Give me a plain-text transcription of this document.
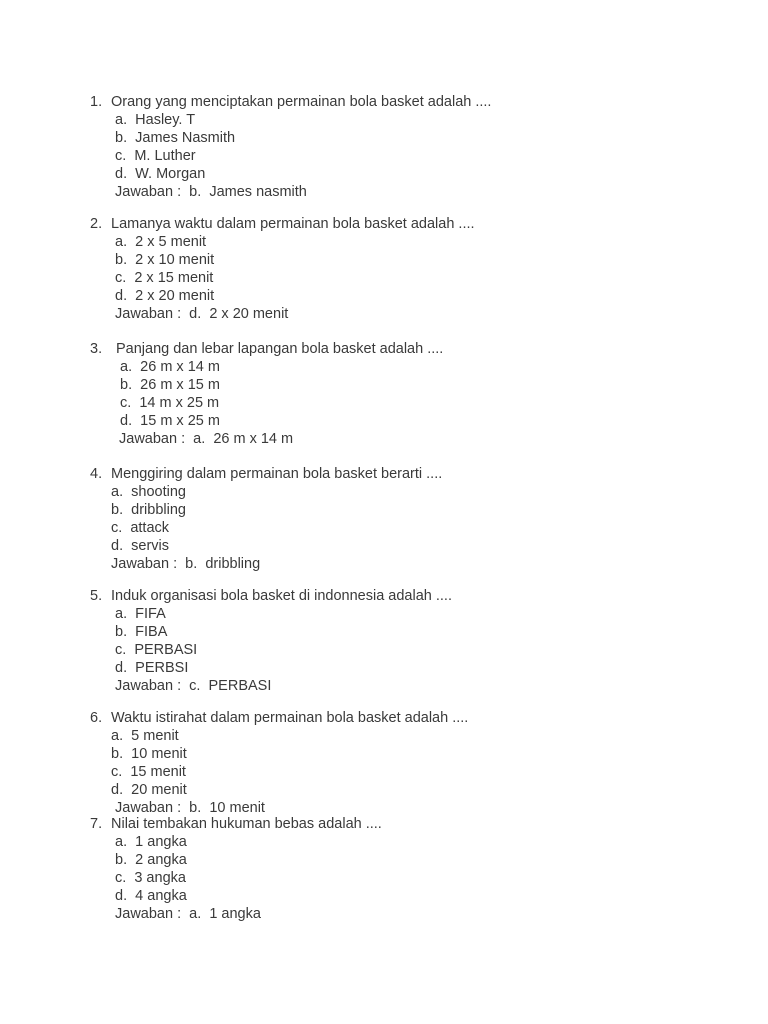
1. Orang yang menciptakan permainan bola basket adalah ....
a. Hasley. T
b. James Nasmith
c. M. Luther
d. W. Morgan
Jawaban : b. James nasmith
2. Lamanya waktu dalam permainan bola basket adalah ....
a. 2 x 5 menit
b. 2 x 10 menit
c. 2 x 15 menit
d. 2 x 20 menit
Jawaban : d. 2 x 20 menit
3. Panjang dan lebar lapangan bola basket adalah ....
a. 26 m x 14 m
b. 26 m x 15 m
c. 14 m x 25 m
d. 15 m x 25 m
Jawaban : a. 26 m x 14 m
4. Menggiring dalam permainan bola basket berarti ....
a. shooting
b. dribbling
c. attack
d. servis
Jawaban : b. dribbling
5. Induk organisasi bola basket di indonnesia adalah ....
a. FIFA
b. FIBA
c. PERBASI
d. PERBSI
Jawaban : c. PERBASI
6. Waktu istirahat dalam permainan bola basket adalah ....
a. 5 menit
b. 10 menit
c. 15 menit
d. 20 menit
Jawaban : b. 10 menit
7. Nilai tembakan hukuman bebas adalah ....
a. 1 angka
b. 2 angka
c. 3 angka
d. 4 angka
Jawaban : a. 1 angka
